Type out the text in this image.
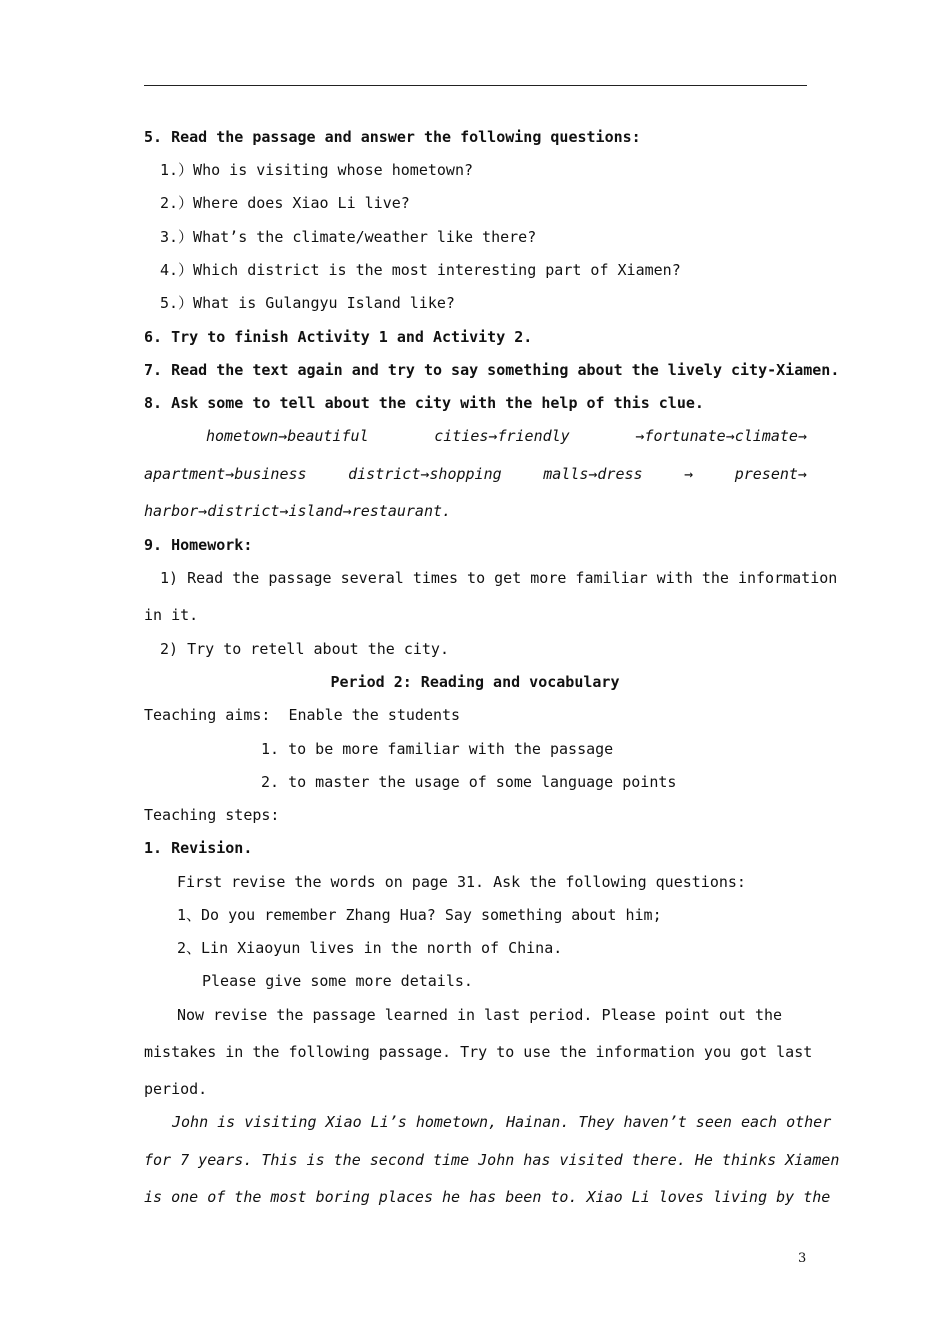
5. Read the passage and answer the following questions:
1.）Who is visiting whose hometown?
2.）Where does Xiao Li live?
3.）What’s the climate/weather like there?
4.）Which district is the most interesting part of Xiamen?
5.）What is Gulangyu Island like?
6. Try to finish Activity 1 and Activity 2.
7. Read the text again and try to say something about the lively city-Xiamen.
8. Ask some to tell about the city with the help of this clue.
hometown→beautiful	cities→friendly	→fortunate→climate→
apartment→business	district→shopping	malls→dress	→	present→
harbor→district→island→restaurant.
9. Homework:
1) Read the passage several times to get more familiar with the information
in it.
2) Try to retell about the city.
Period 2: Reading and vocabulary
Teaching aims:  Enable the students
1. to be more familiar with the passage
2. to master the usage of some language points
Teaching steps:
1. Revision.
First revise the words on page 31. Ask the following questions:
1、Do you remember Zhang Hua? Say something about him;
2、Lin Xiaoyun lives in the north of China.
Please give some more details.
Now revise the passage learned in last period. Please point out the
mistakes in the following passage. Try to use the information you got last
period.
John is visiting Xiao Li’s hometown, Hainan. They haven’t seen each other
for 7 years. This is the second time John has visited there. He thinks Xiamen
is one of the most boring places he has been to. Xiao Li loves living by the
3
